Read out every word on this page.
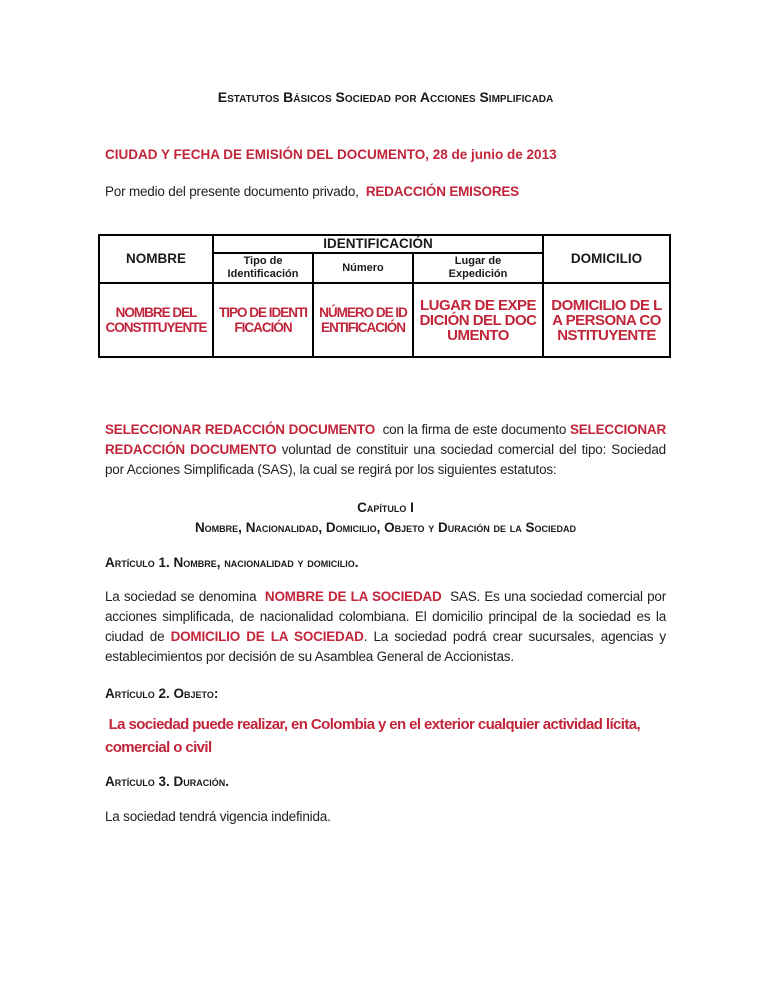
Estatutos Básicos Sociedad por Acciones Simplificada

CIUDAD Y FECHA DE EMISIÓN DEL DOCUMENTO, 28 de junio de 2013

Por medio del presente documento privado,  REDACCIÓN EMISORES

NOMBRE	IDENTIFICACIÓN			DOMICILIO
	Tipo de Identificación	Número	Lugar de Expedición	
NOMBRE DEL CONSTITUYENTE	TIPO DE IDENTIFICACIÓN	NÚMERO DE IDENTIFICACIÓN	LUGAR DE EXPEDICIÓN DEL DOCUMENTO	DOMICILIO DE LA PERSONA CONSTITUYENTE

SELECCIONAR REDACCIÓN DOCUMENTO  con la firma de este documento SELECCIONAR REDACCIÓN DOCUMENTO voluntad de constituir una sociedad comercial del tipo: Sociedad por Acciones Simplificada (SAS), la cual se regirá por los siguientes estatutos:

Capítulo I

Nombre, Nacionalidad, Domicilio, Objeto y Duración de la Sociedad

Artículo 1. Nombre, nacionalidad y domicilio.

La sociedad se denomina  NOMBRE DE LA SOCIEDAD  SAS. Es una sociedad comercial por acciones simplificada, de nacionalidad colombiana. El domicilio principal de la sociedad es la ciudad de DOMICILIO DE LA SOCIEDAD. La sociedad podrá crear sucursales, agencias y establecimientos por decisión de su Asamblea General de Accionistas.

Artículo 2. Objeto:

La sociedad puede realizar, en Colombia y en el exterior cualquier actividad lícita, comercial o civil

Artículo 3. Duración.

La sociedad tendrá vigencia indefinida.
